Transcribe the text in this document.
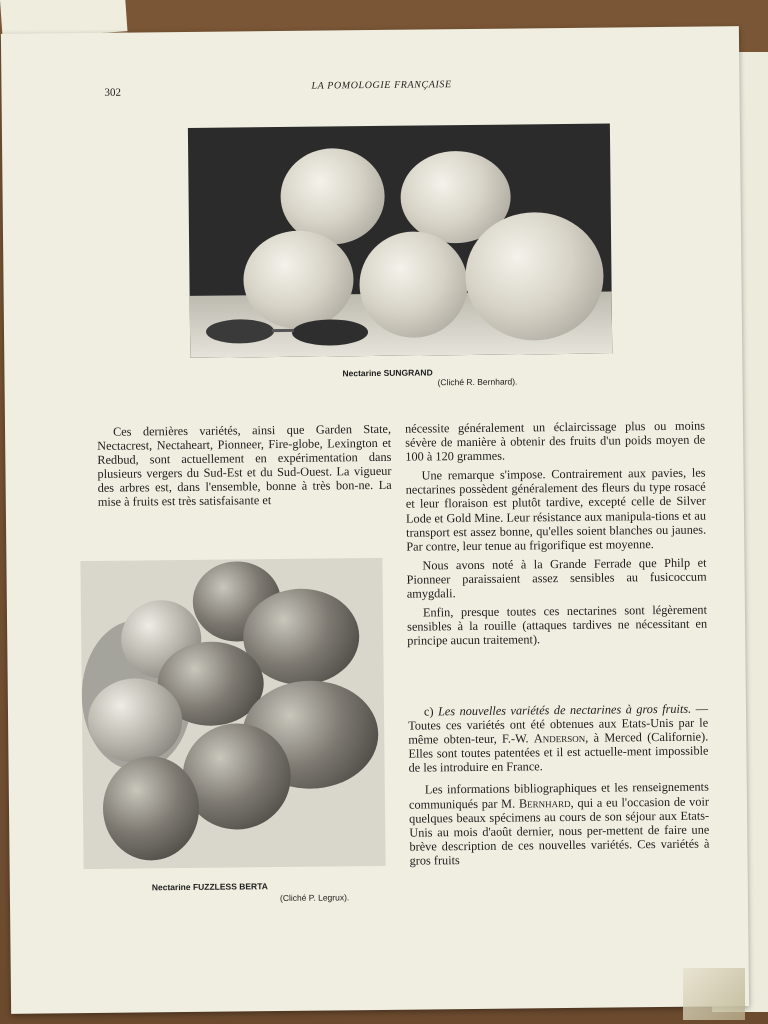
302
LA POMOLOGIE FRANÇAISE
Nectarine SUNGRAND
(Cliché R. Bernhard).

Ces dernières variétés, ainsi que Garden State, Nectacrest, Nectaheart, Pionneer, Fire-globe, Lexington et Redbud, sont actuellement en expérimentation dans plusieurs vergers du Sud-Est et du Sud-Ouest. La vigueur des arbres est, dans l'ensemble, bonne à très bon-ne. La mise à fruits est très satisfaisante et

nécessite généralement un éclaircissage plus ou moins sévère de manière à obtenir des fruits d'un poids moyen de 100 à 120 grammes.

Une remarque s'impose. Contrairement aux pavies, les nectarines possèdent généralement des fleurs du type rosacé et leur floraison est plutôt tardive, excepté celle de Silver Lode et Gold Mine. Leur résistance aux manipula-tions et au transport est assez bonne, qu'elles soient blanches ou jaunes. Par contre, leur tenue au frigorifique est moyenne.

Nous avons noté à la Grande Ferrade que Philp et Pionneer paraissaient assez sensibles au fusicoccum amygdali.

Enfin, presque toutes ces nectarines sont légèrement sensibles à la rouille (attaques tardives ne nécessitant en principe aucun traitement).

c) Les nouvelles variétés de nectarines à gros fruits. — Toutes ces variétés ont été obtenues aux Etats-Unis par le même obten-teur, F.-W. Anderson, à Merced (Californie). Elles sont toutes patentées et il est actuelle-ment impossible de les introduire en France.

Les informations bibliographiques et les renseignements communiqués par M. Bernhard, qui a eu l'occasion de voir quelques beaux spécimens au cours de son séjour aux Etats-Unis au mois d'août dernier, nous per-mettent de faire une brève description de ces nouvelles variétés. Ces variétés à gros fruits

Nectarine FUZZLESS BERTA
(Cliché P. Legrux).
